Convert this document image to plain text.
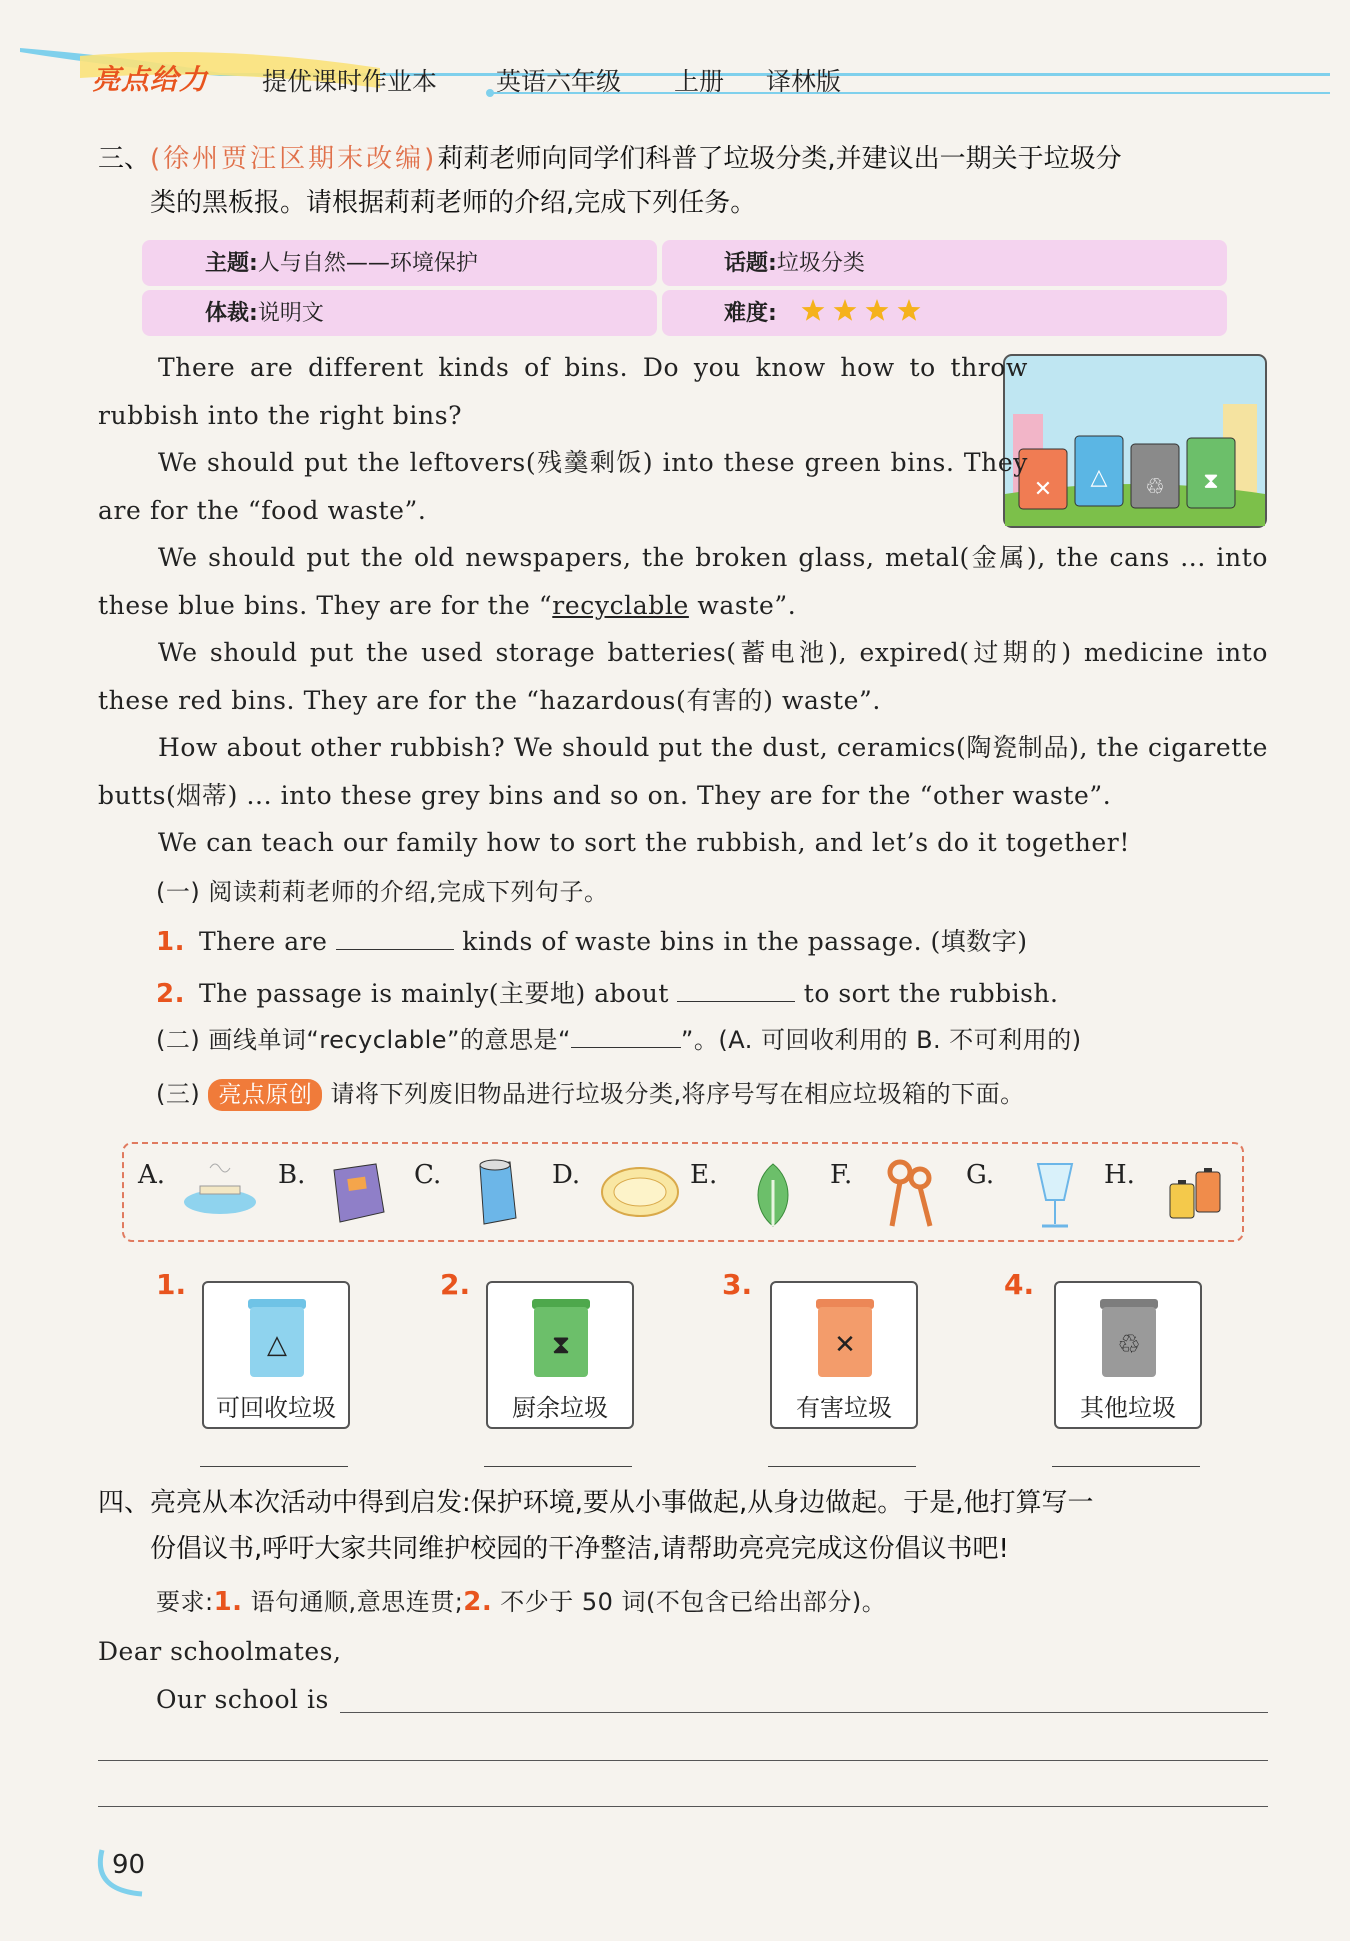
亮点给力 提优课时作业本 英语六年级 上册 译林版
三、(徐州贾汪区期末改编)莉莉老师向同学们科普了垃圾分类,并建议出一期关于垃圾分
类的黑板报。请根据莉莉老师的介绍,完成下列任务。
主题:人与自然——环境保护	话题:垃圾分类
体裁:说明文	难度:
✕ △ ♲ ⧗

There are different kinds of bins. Do you know how to throw rubbish into the right bins?

We should put the leftovers(残羹剩饭) into these green bins. They are for the “food waste”.

We should put the old newspapers, the broken glass, metal(金属), the cans ... into these blue bins. They are for the “recyclable waste”.

We should put the used storage batteries(蓄电池), expired(过期的) medicine into these red bins. They are for the “hazardous(有害的) waste”.

How about other rubbish? We should put the dust, ceramics(陶瓷制品), the cigarette butts(烟蒂) ... into these grey bins and so on. They are for the “other waste”.

We can teach our family how to sort the rubbish, and let’s do it together!

(一) 阅读莉莉老师的介绍,完成下列句子。
1. There are	kinds of waste bins in the passage. (填数字)
2. The passage is mainly(主要地) about	to sort the rubbish.
(二) 画线单词“recyclable”的意思是“	”。(A. 可回收利用的 B. 不可利用的)
(三) 亮点原创 请将下列废旧物品进行垃圾分类,将序号写在相应垃圾箱的下面。
A.	B.	C.	D.	E.	F.	G.	H.
1.	2.	3.	4.
△
可回收垃圾
⧗
厨余垃圾
✕
有害垃圾
♲
其他垃圾
四、亮亮从本次活动中得到启发:保护环境,要从小事做起,从身边做起。于是,他打算写一
份倡议书,呼吁大家共同维护校园的干净整洁,请帮助亮亮完成这份倡议书吧!
要求:1. 语句通顺,意思连贯;2. 不少于 50 词(不包含已给出部分)。
Dear schoolmates,
Our school is
90
